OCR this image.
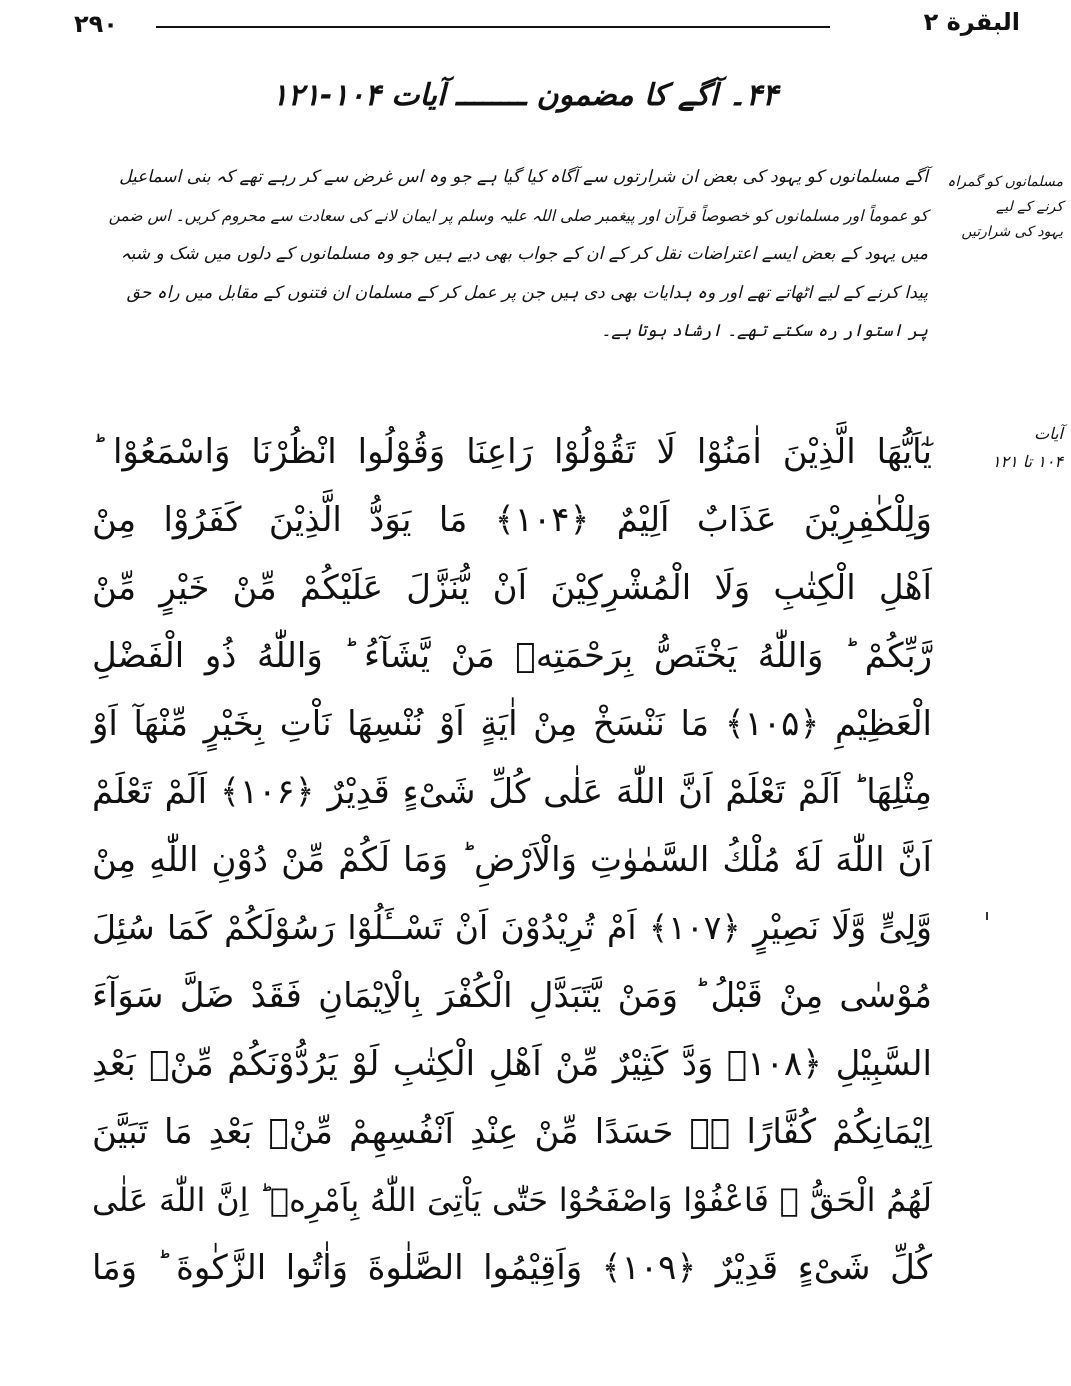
۲۹۰	البقرة ۲
۴۴۔ آگے کا مضمون ــــــــ آیات ۱۰۴-۱۲۱
مسلمانوں کو گمراہ
کرنے کے لیے
یہود کی شرارتیں

آگے مسلمانوں کو یہود کی بعض ان شرارتوں سے آگاہ کیا گیا ہے جو وہ اس غرض سے کر رہے تھے کہ بنی اسماعیل

کو عموماً اور مسلمانوں کو خصوصاً قرآن اور پیغمبر صلی اللہ علیہ وسلم پر ایمان لانے کی سعادت سے محروم کریں۔ اس ضمن

میں یہود کے بعض ایسے اعتراضات نقل کر کے ان کے جواب بھی دیے ہیں جو وہ مسلمانوں کے دلوں میں شک و شبہ

پیدا کرنے کے لیے اٹھاتے تھے اور وہ ہدایات بھی دی ہیں جن پر عمل کر کے مسلمان ان فتنوں کے مقابل میں راہ حق

پر استوار رہ سکتے تھے۔ ارشاد ہوتا ہے۔

آیات
۱۰۴ تا ۱۲۱
يٰٓاَيُّهَا الَّذِيْنَ اٰمَنُوْا لَا تَقُوْلُوْا رَاعِنَا وَقُوْلُوا انْظُرْنَا وَاسْمَعُوْا ؕ
وَلِلْكٰفِرِيْنَ عَذَابٌ اَلِيْمٌ ﴿۱۰۴﴾ مَا يَوَدُّ الَّذِيْنَ كَفَرُوْا مِنْ
اَهْلِ الْكِتٰبِ وَلَا الْمُشْرِكِيْنَ اَنْ يُّنَزَّلَ عَلَيْكُمْ مِّنْ خَيْرٍ مِّنْ
رَّبِّكُمْ ؕ وَاللّٰهُ يَخْتَصُّ بِرَحْمَتِهٖ مَنْ يَّشَآءُ ؕ وَاللّٰهُ ذُو الْفَضْلِ
الْعَظِيْمِ ﴿۱۰۵﴾ مَا نَنْسَخْ مِنْ اٰيَةٍ اَوْ نُنْسِهَا نَاْتِ بِخَيْرٍ مِّنْهَآ اَوْ
مِثْلِهَا ؕ اَلَمْ تَعْلَمْ اَنَّ اللّٰهَ عَلٰى كُلِّ شَىْءٍ قَدِيْرٌ ﴿۱۰۶﴾ اَلَمْ تَعْلَمْ
اَنَّ اللّٰهَ لَهٗ مُلْكُ السَّمٰوٰتِ وَالْاَرْضِ ؕ وَمَا لَكُمْ مِّنْ دُوْنِ اللّٰهِ مِنْ
وَّلِىٍّ وَّلَا نَصِيْرٍ ﴿۱۰۷﴾ اَمْ تُرِيْدُوْنَ اَنْ تَسْــَٔلُوْا رَسُوْلَكُمْ كَمَا سُئِلَ
مُوْسٰى مِنْ قَبْلُ ؕ وَمَنْ يَّتَبَدَّلِ الْكُفْرَ بِالْاِيْمَانِ فَقَدْ ضَلَّ سَوَآءَ
السَّبِيْلِ ﴿۱۰۸﴾ وَدَّ كَثِيْرٌ مِّنْ اَهْلِ الْكِتٰبِ لَوْ يَرُدُّوْنَكُمْ مِّنْۢ بَعْدِ
اِيْمَانِكُمْ كُفَّارًا ۖۚ حَسَدًا مِّنْ عِنْدِ اَنْفُسِهِمْ مِّنْۢ بَعْدِ مَا تَبَيَّنَ
لَهُمُ الْحَقُّ ۚ فَاعْفُوْا وَاصْفَحُوْا حَتّٰى يَاْتِىَ اللّٰهُ بِاَمْرِهٖ ؕ اِنَّ اللّٰهَ عَلٰى
كُلِّ شَىْءٍ قَدِيْرٌ ﴿۱۰۹﴾ وَاَقِيْمُوا الصَّلٰوةَ وَاٰتُوا الزَّكٰوةَ ؕ وَمَا
